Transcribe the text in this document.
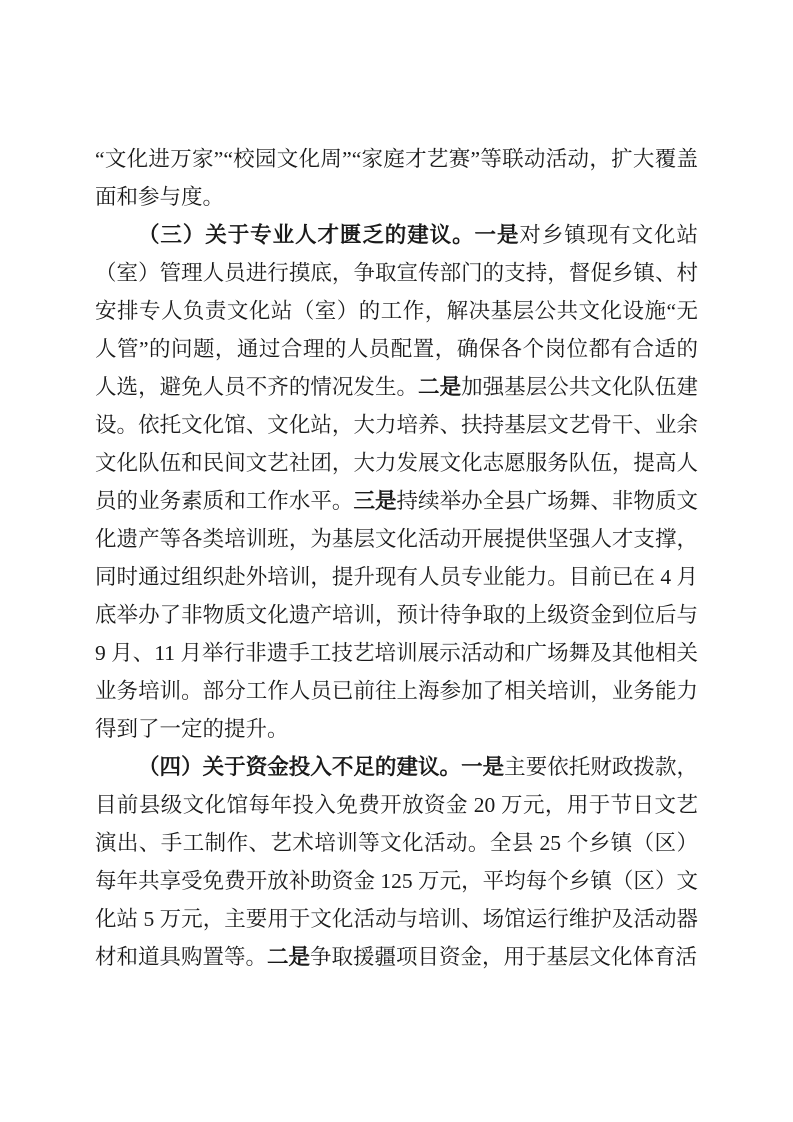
“文化进万家”“校园文化周”“家庭才艺赛”等联动活动，扩大覆盖面和参与度。

（三）关于专业人才匮乏的建议。一是对乡镇现有文化站（室）管理人员进行摸底，争取宣传部门的支持，督促乡镇、村安排专人负责文化站（室）的工作，解决基层公共文化设施“无人管”的问题，通过合理的人员配置，确保各个岗位都有合适的人选，避免人员不齐的情况发生。二是加强基层公共文化队伍建设。依托文化馆、文化站，大力培养、扶持基层文艺骨干、业余文化队伍和民间文艺社团，大力发展文化志愿服务队伍，提高人员的业务素质和工作水平。三是持续举办全县广场舞、非物质文化遗产等各类培训班，为基层文化活动开展提供坚强人才支撑，同时通过组织赴外培训，提升现有人员专业能力。目前已在 4 月底举办了非物质文化遗产培训，预计待争取的上级资金到位后与 9 月、11 月举行非遗手工技艺培训展示活动和广场舞及其他相关业务培训。部分工作人员已前往上海参加了相关培训，业务能力得到了一定的提升。

（四）关于资金投入不足的建议。一是主要依托财政拨款，目前县级文化馆每年投入免费开放资金 20 万元，用于节日文艺演出、手工制作、艺术培训等文化活动。全县 25 个乡镇（区）每年共享受免费开放补助资金 125 万元，平均每个乡镇（区）文化站 5 万元，主要用于文化活动与培训、场馆运行维护及活动器材和道具购置等。二是争取援疆项目资金，用于基层文化体育活
